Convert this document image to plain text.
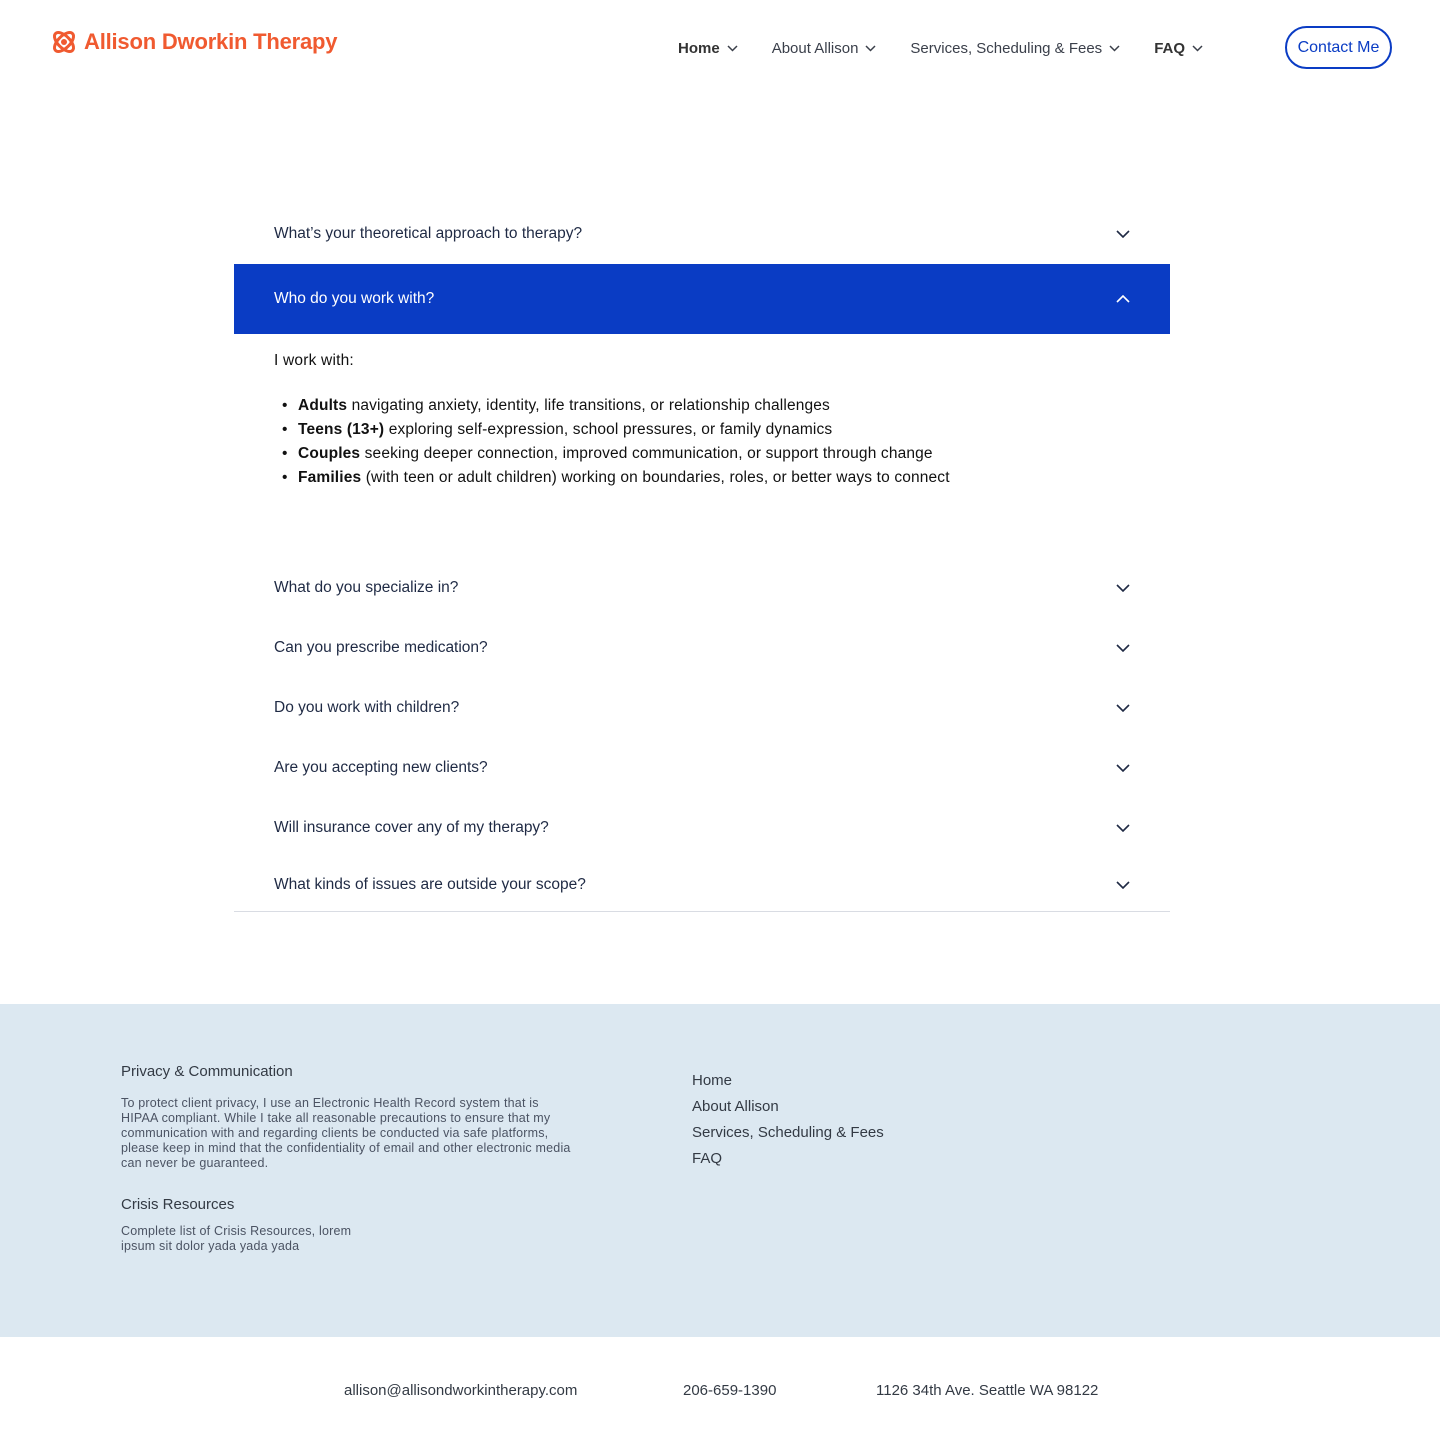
Allison Dworkin Therapy	Home	About Allison	Services, Scheduling & Fees	FAQ	Contact Me
What’s your theoretical approach to therapy?
Who do you work with?

I work with:

• Adults navigating anxiety, identity, life transitions, or relationship challenges
• Teens (13+) exploring self-expression, school pressures, or family dynamics
• Couples seeking deeper connection, improved communication, or support through change
• Families (with teen or adult children) working on boundaries, roles, or better ways to connect
What do you specialize in?
Can you prescribe medication?
Do you work with children?
Are you accepting new clients?
Will insurance cover any of my therapy?
What kinds of issues are outside your scope?
Privacy & Communication

To protect client privacy, I use an Electronic Health Record system that is HIPAA compliant. While I take all reasonable precautions to ensure that my communication with and regarding clients be conducted via safe platforms, please keep in mind that the confidentiality of email and other electronic media can never be guaranteed.

Crisis Resources

Complete list of Crisis Resources, lorem ipsum sit dolor yada yada yada

Home
About Allison
Services, Scheduling & Fees
FAQ
allison@allisondworkintherapy.com	206-659-1390	1126 34th Ave. Seattle WA 98122
